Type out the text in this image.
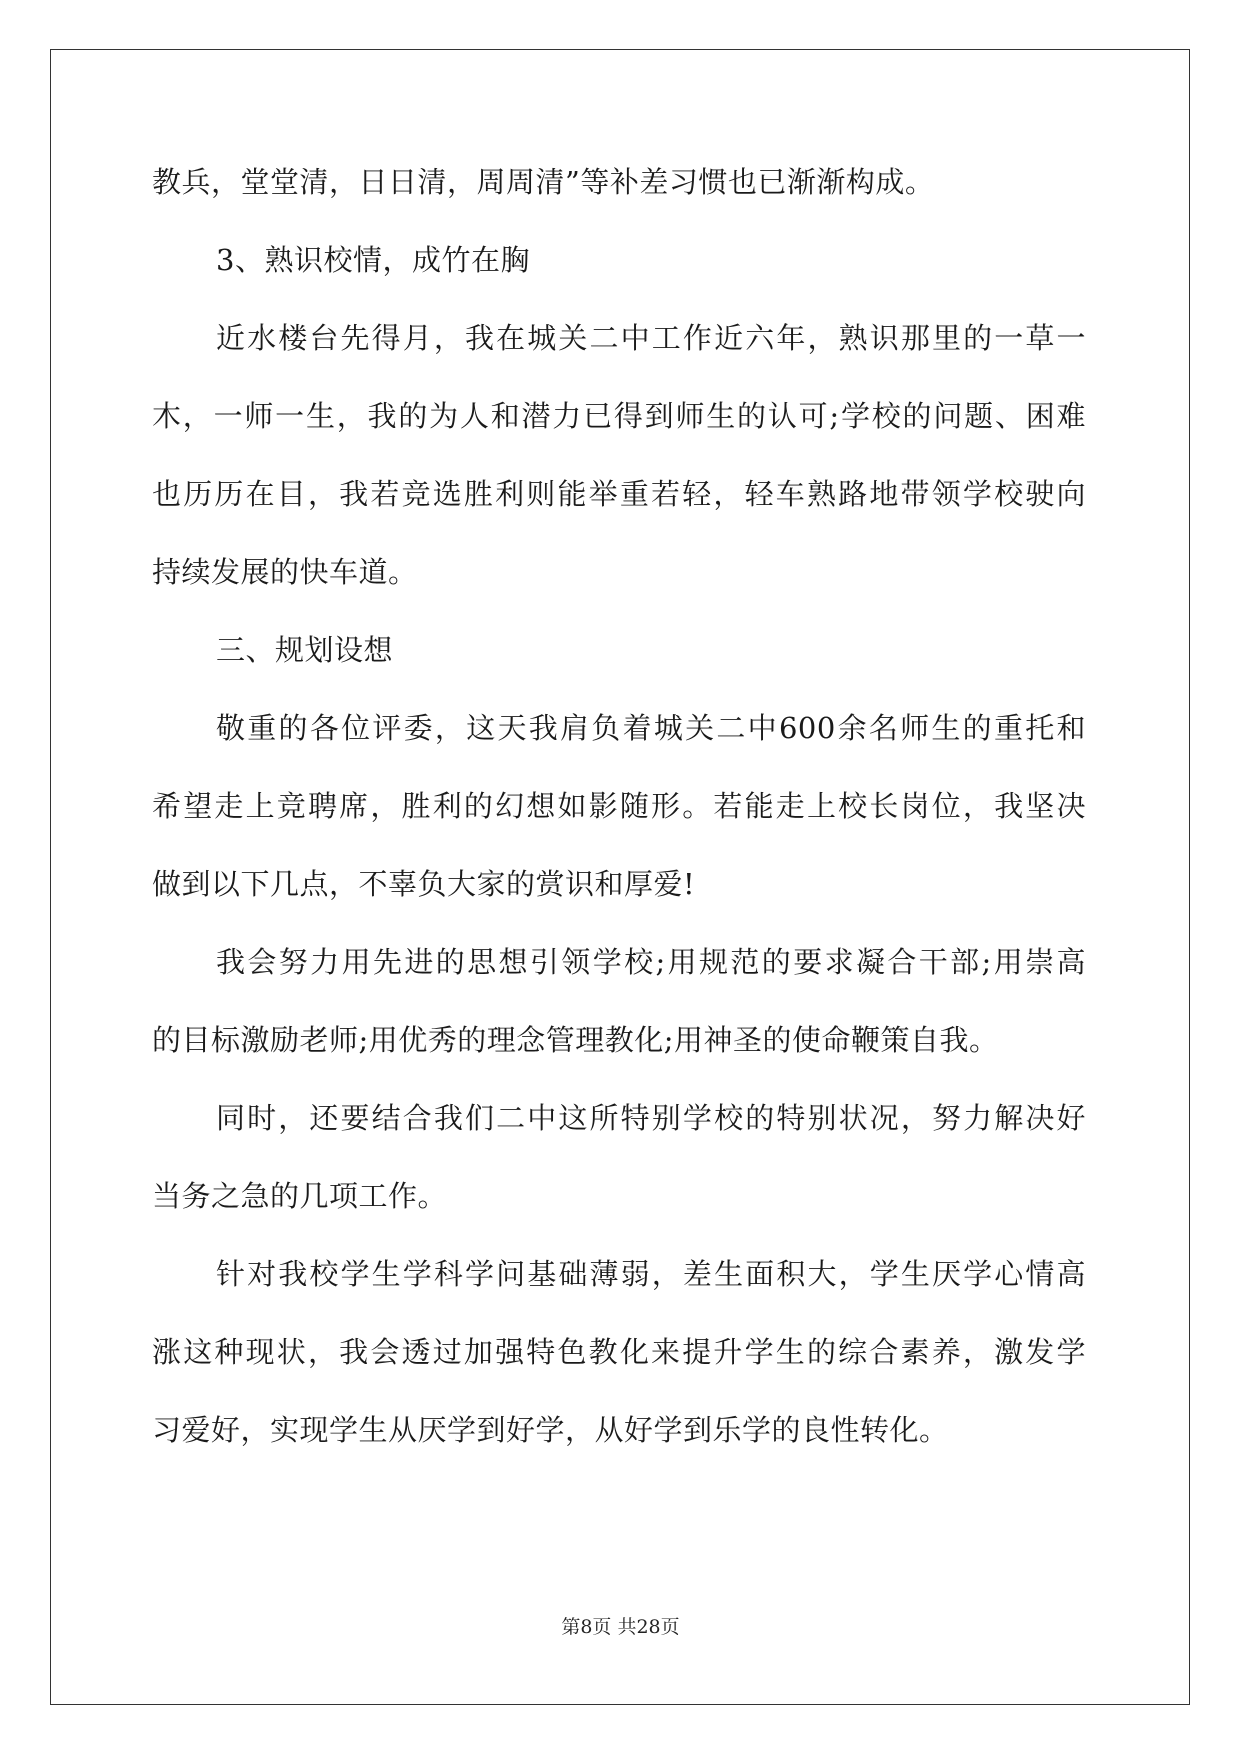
教兵，堂堂清，日日清，周周清”等补差习惯也已渐渐构成。
3、熟识校情，成竹在胸
近水楼台先得月，我在城关二中工作近六年，熟识那里的一草一
木，一师一生，我的为人和潜力已得到师生的认可;学校的问题、困难
也历历在目，我若竞选胜利则能举重若轻，轻车熟路地带领学校驶向
持续发展的快车道。
三、规划设想
敬重的各位评委，这天我肩负着城关二中600余名师生的重托和
希望走上竞聘席，胜利的幻想如影随形。若能走上校长岗位，我坚决
做到以下几点，不辜负大家的赏识和厚爱!
我会努力用先进的思想引领学校;用规范的要求凝合干部;用崇高
的目标激励老师;用优秀的理念管理教化;用神圣的使命鞭策自我。
同时，还要结合我们二中这所特别学校的特别状况，努力解决好
当务之急的几项工作。
针对我校学生学科学问基础薄弱，差生面积大，学生厌学心情高
涨这种现状，我会透过加强特色教化来提升学生的综合素养，激发学
习爱好，实现学生从厌学到好学，从好学到乐学的良性转化。
第8页 共28页
